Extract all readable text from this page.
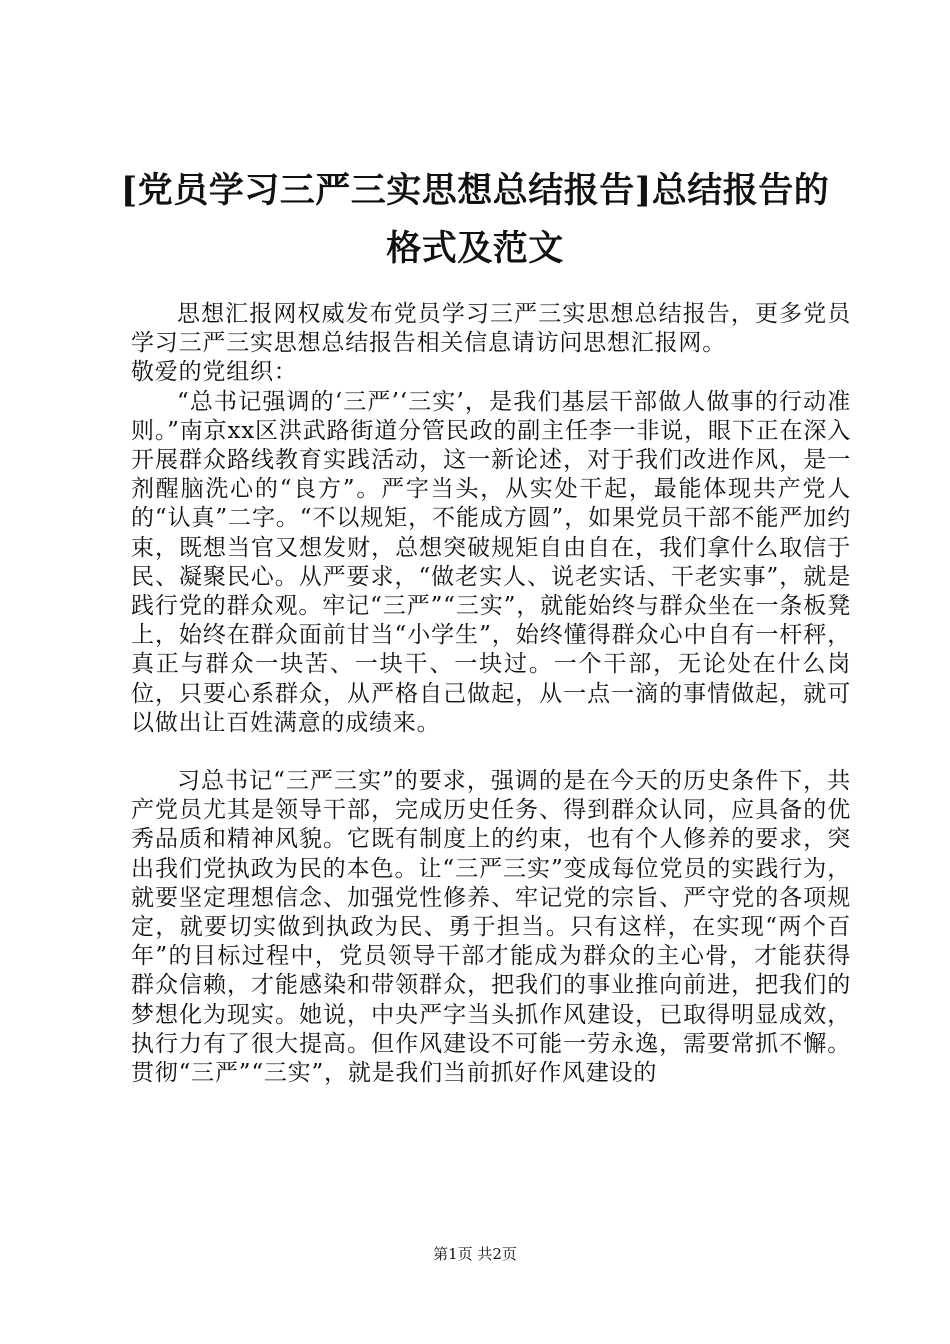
[党员学习三严三实思想总结报告]总结报告的
格式及范文

思想汇报网权威发布党员学习三严三实思想总结报告，更多党员学习三严三实思想总结报告相关信息请访问思想汇报网。

敬爱的党组织：

“总书记强调的‘三严’‘三实’，是我们基层干部做人做事的行动准则。”南京xx区洪武路街道分管民政的副主任李一非说，眼下正在深入开展群众路线教育实践活动，这一新论述，对于我们改进作风，是一剂醒脑洗心的“良方”。严字当头，从实处干起，最能体现共产党人的“认真”二字。“不以规矩，不能成方圆”，如果党员干部不能严加约束，既想当官又想发财，总想突破规矩自由自在，我们拿什么取信于民、凝聚民心。从严要求，“做老实人、说老实话、干老实事”，就是践行党的群众观。牢记“三严”“三实”，就能始终与群众坐在一条板凳上，始终在群众面前甘当“小学生”，始终懂得群众心中自有一杆秤，真正与群众一块苦、一块干、一块过。一个干部，无论处在什么岗位，只要心系群众，从严格自己做起，从一点一滴的事情做起，就可以做出让百姓满意的成绩来。

习总书记“三严三实”的要求，强调的是在今天的历史条件下，共产党员尤其是领导干部，完成历史任务、得到群众认同，应具备的优秀品质和精神风貌。它既有制度上的约束，也有个人修养的要求，突出我们党执政为民的本色。让“三严三实”变成每位党员的实践行为，就要坚定理想信念、加强党性修养、牢记党的宗旨、严守党的各项规定，就要切实做到执政为民、勇于担当。只有这样，在实现“两个百年”的目标过程中，党员领导干部才能成为群众的主心骨，才能获得群众信赖，才能感染和带领群众，把我们的事业推向前进，把我们的梦想化为现实。她说，中央严字当头抓作风建设，已取得明显成效，执行力有了很大提高。但作风建设不可能一劳永逸，需要常抓不懈。贯彻“三严”“三实”，就是我们当前抓好作风建设的

第1页 共2页
